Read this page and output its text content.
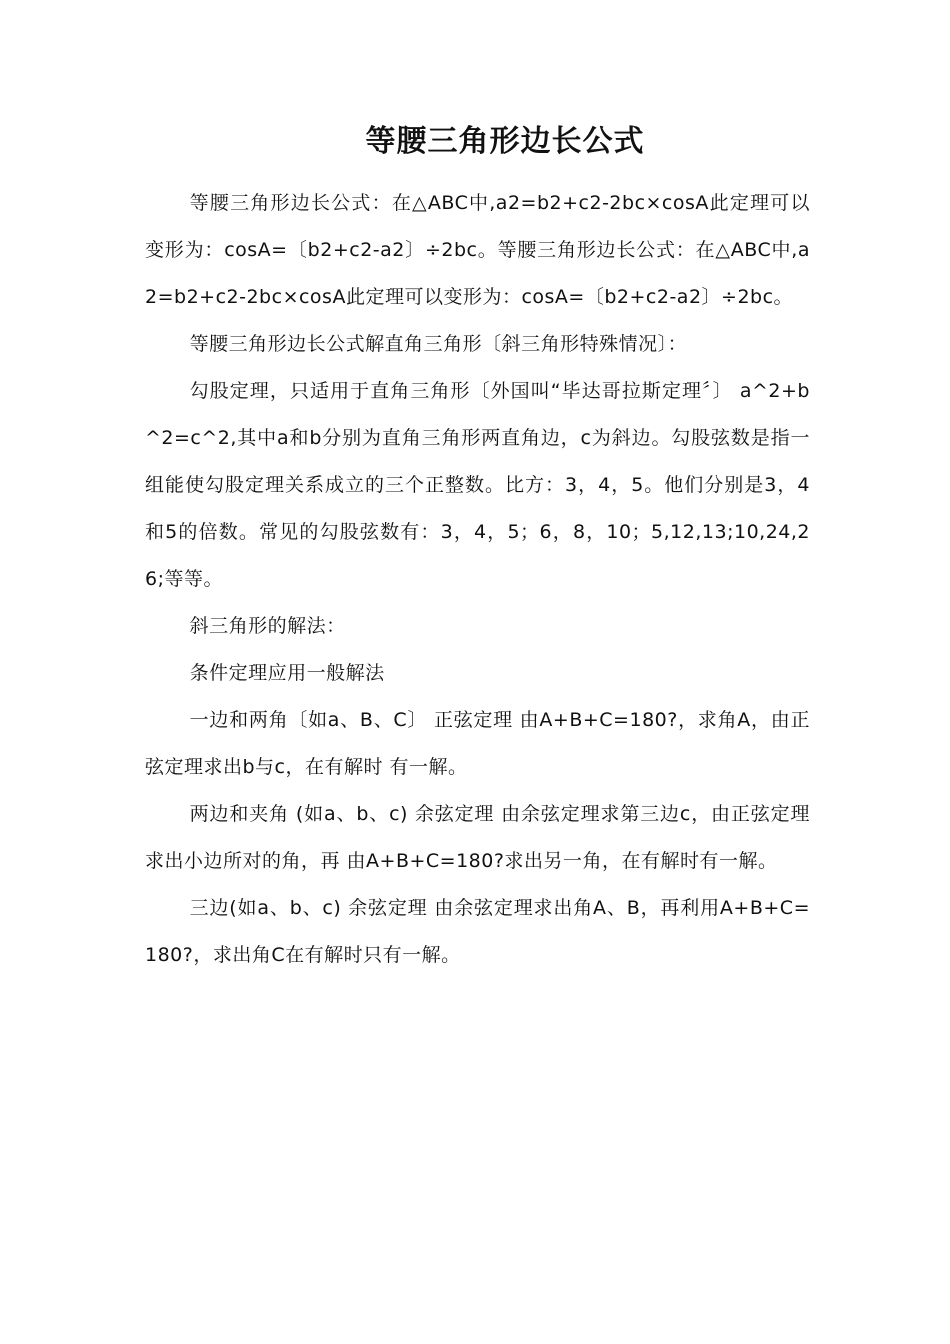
等腰三角形边长公式

等腰三角形边长公式：在△ABC中,a2=b2+c2-2bc×cosA此定理可以变形为：cosA=〔b2+c2-a2〕÷2bc。等腰三角形边长公式：在△ABC中,a2=b2+c2-2bc×cosA此定理可以变形为：cosA=〔b2+c2-a2〕÷2bc。

等腰三角形边长公式解直角三角形〔斜三角形特殊情况〕：

勾股定理，只适用于直角三角形〔外国叫“毕达哥拉斯定理〞〕 a^2+b^2=c^2,其中a和b分别为直角三角形两直角边，c为斜边。勾股弦数是指一组能使勾股定理关系成立的三个正整数。比方：3，4，5。他们分别是3，4和5的倍数。常见的勾股弦数有：3，4，5；6，8，10；5,12,13;10,24,26;等等。

斜三角形的解法：

条件定理应用一般解法

一边和两角〔如a、B、C〕 正弦定理 由A+B+C=180?，求角A，由正弦定理求出b与c，在有解时 有一解。

两边和夹角 (如a、b、c) 余弦定理 由余弦定理求第三边c，由正弦定理求出小边所对的角，再 由A+B+C=180?求出另一角，在有解时有一解。

三边(如a、b、c) 余弦定理 由余弦定理求出角A、B，再利用A+B+C=180?，求出角C在有解时只有一解。
